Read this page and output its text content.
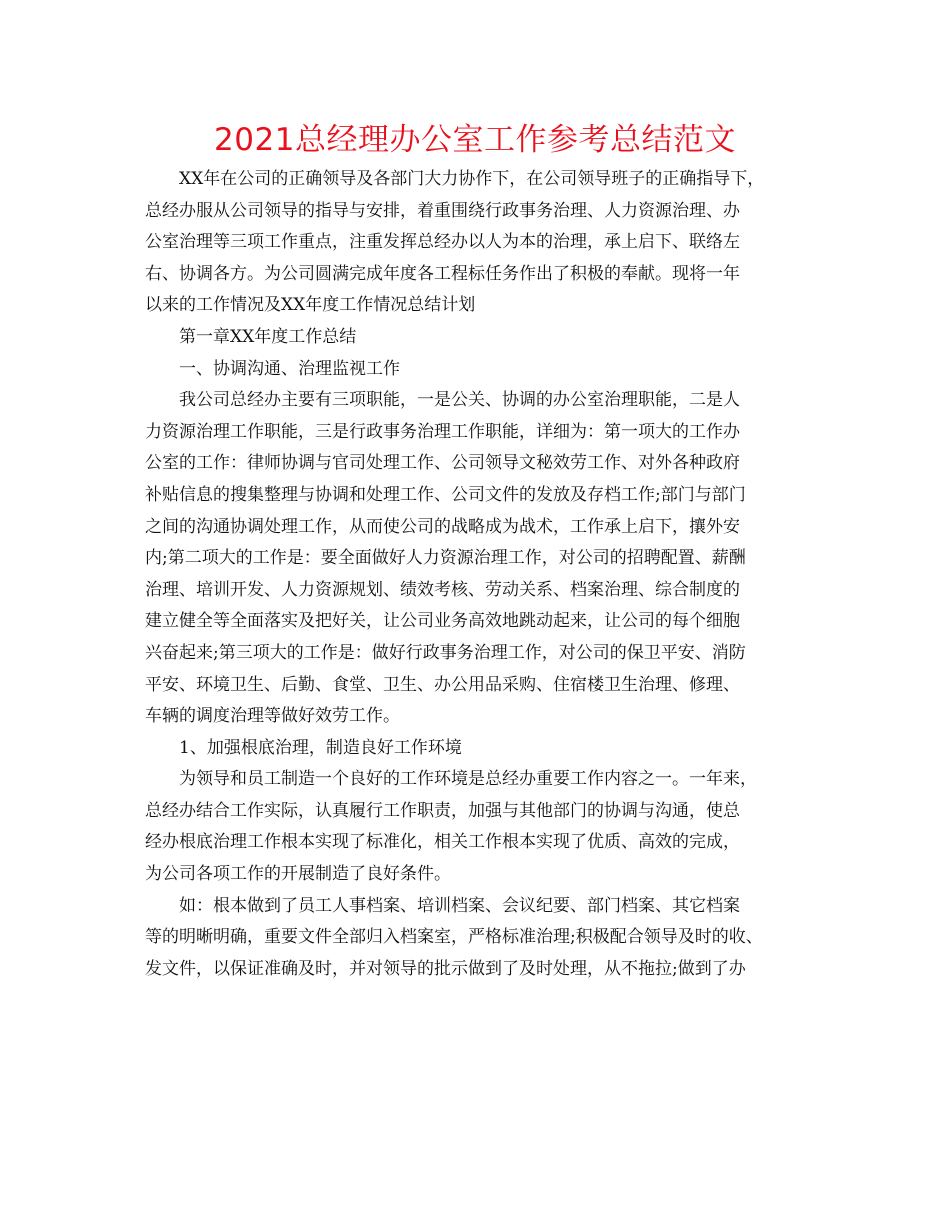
2021总经理办公室工作参考总结范文
XX年在公司的正确领导及各部门大力协作下，在公司领导班子的正确指导下，
总经办服从公司领导的指导与安排，着重围绕行政事务治理、人力资源治理、办
公室治理等三项工作重点，注重发挥总经办以人为本的治理，承上启下、联络左
右、协调各方。为公司圆满完成年度各工程标任务作出了积极的奉献。现将一年
以来的工作情况及XX年度工作情况总结计划
第一章XX年度工作总结
一、协调沟通、治理监视工作
我公司总经办主要有三项职能，一是公关、协调的办公室治理职能，二是人
力资源治理工作职能，三是行政事务治理工作职能，详细为：第一项大的工作办
公室的工作：律师协调与官司处理工作、公司领导文秘效劳工作、对外各种政府
补贴信息的搜集整理与协调和处理工作、公司文件的发放及存档工作;部门与部门
之间的沟通协调处理工作，从而使公司的战略成为战术，工作承上启下，攘外安
内;第二项大的工作是：要全面做好人力资源治理工作，对公司的招聘配置、薪酬
治理、培训开发、人力资源规划、绩效考核、劳动关系、档案治理、综合制度的
建立健全等全面落实及把好关，让公司业务高效地跳动起来，让公司的每个细胞
兴奋起来;第三项大的工作是：做好行政事务治理工作，对公司的保卫平安、消防
平安、环境卫生、后勤、食堂、卫生、办公用品采购、住宿楼卫生治理、修理、
车辆的调度治理等做好效劳工作。
1、加强根底治理，制造良好工作环境
为领导和员工制造一个良好的工作环境是总经办重要工作内容之一。一年来，
总经办结合工作实际，认真履行工作职责，加强与其他部门的协调与沟通，使总
经办根底治理工作根本实现了标准化，相关工作根本实现了优质、高效的完成，
为公司各项工作的开展制造了良好条件。
如：根本做到了员工人事档案、培训档案、会议纪要、部门档案、其它档案
等的明晰明确，重要文件全部归入档案室，严格标准治理;积极配合领导及时的收、
发文件，以保证准确及时，并对领导的批示做到了及时处理，从不拖拉;做到了办
